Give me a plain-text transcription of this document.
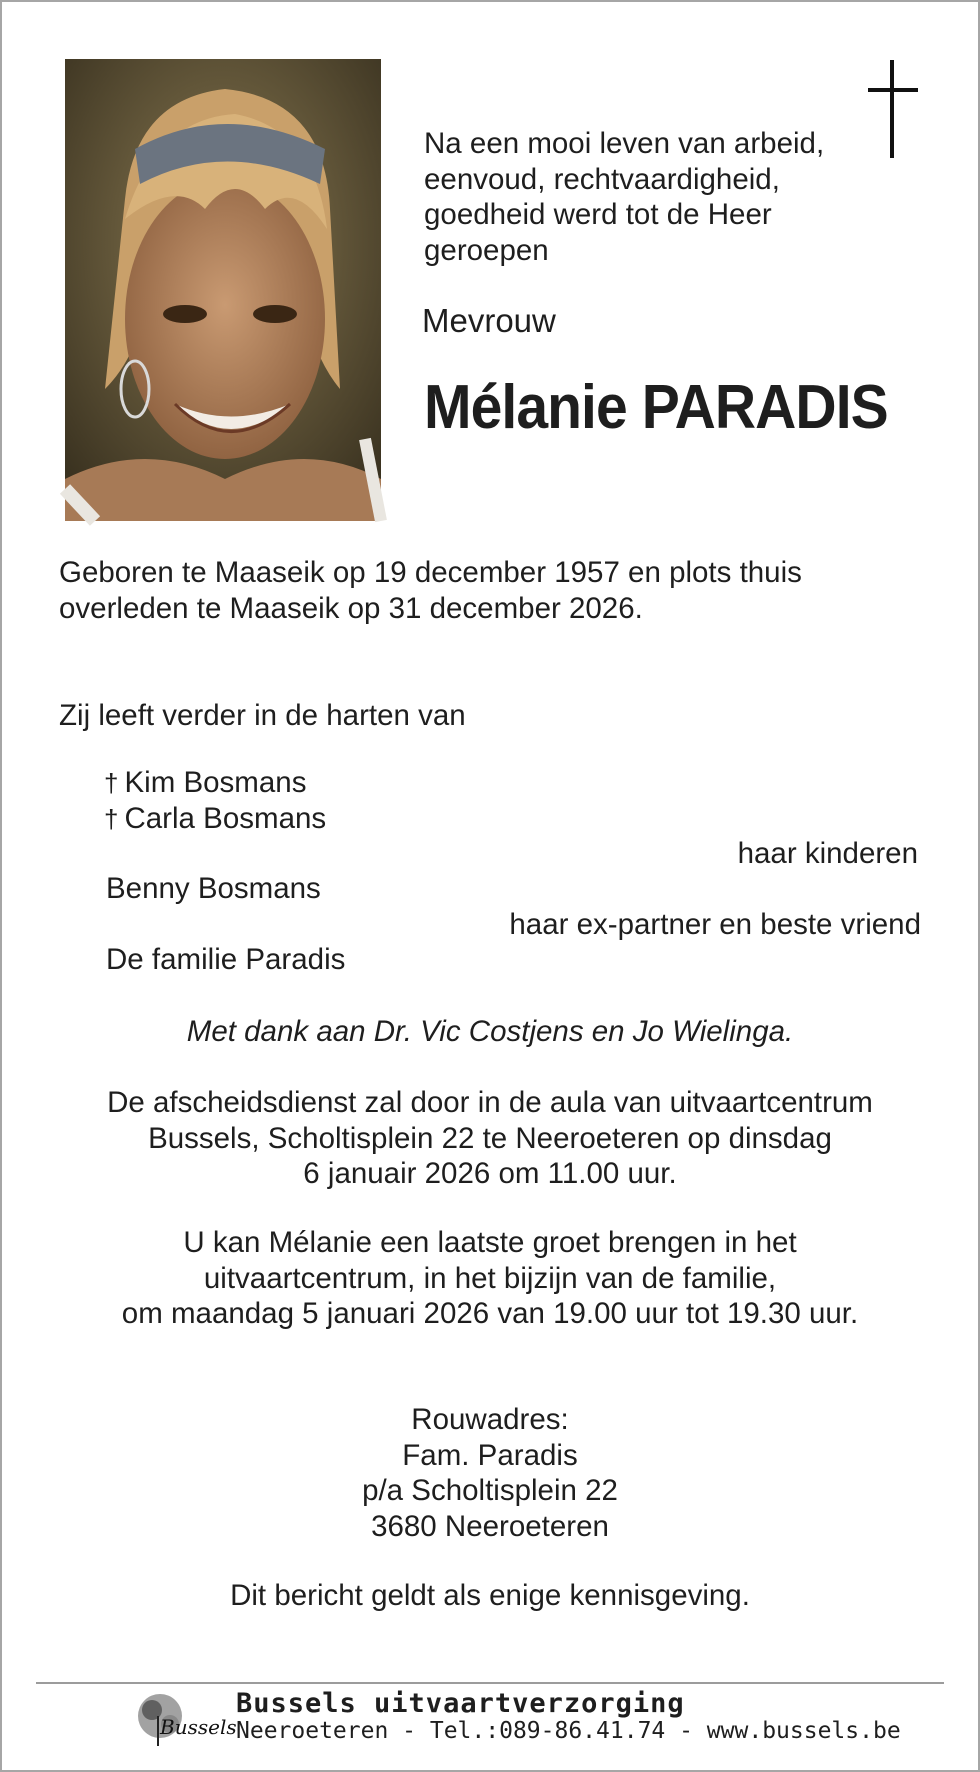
Na een mooi leven van arbeid,
eenvoud, rechtvaardigheid,
goedheid werd tot de Heer
geroepen
Mevrouw
Mélanie PARADIS
Geboren te Maaseik op 19 december 1957 en plots thuis
overleden te Maaseik op 31 december 2026.
Zij leeft verder in de harten van
† Kim Bosmans
† Carla Bosmans
haar kinderen
Benny Bosmans
haar ex-partner en beste vriend
De familie Paradis
Met dank aan Dr. Vic Costjens en Jo Wielinga.
De afscheidsdienst zal door in de aula van uitvaartcentrum
Bussels, Scholtisplein 22 te Neeroeteren op dinsdag
6 januair 2026 om 11.00 uur.
U kan Mélanie een laatste groet brengen in het
uitvaartcentrum, in het bijzijn van de familie,
om maandag 5 januari 2026 van 19.00 uur tot 19.30 uur.
Rouwadres:
Fam. Paradis
p/a Scholtisplein 22
3680 Neeroeteren
Dit bericht geldt als enige kennisgeving.
Bussels
Bussels uitvaartverzorging
Neeroeteren - Tel.:089-86.41.74 - www.bussels.be
